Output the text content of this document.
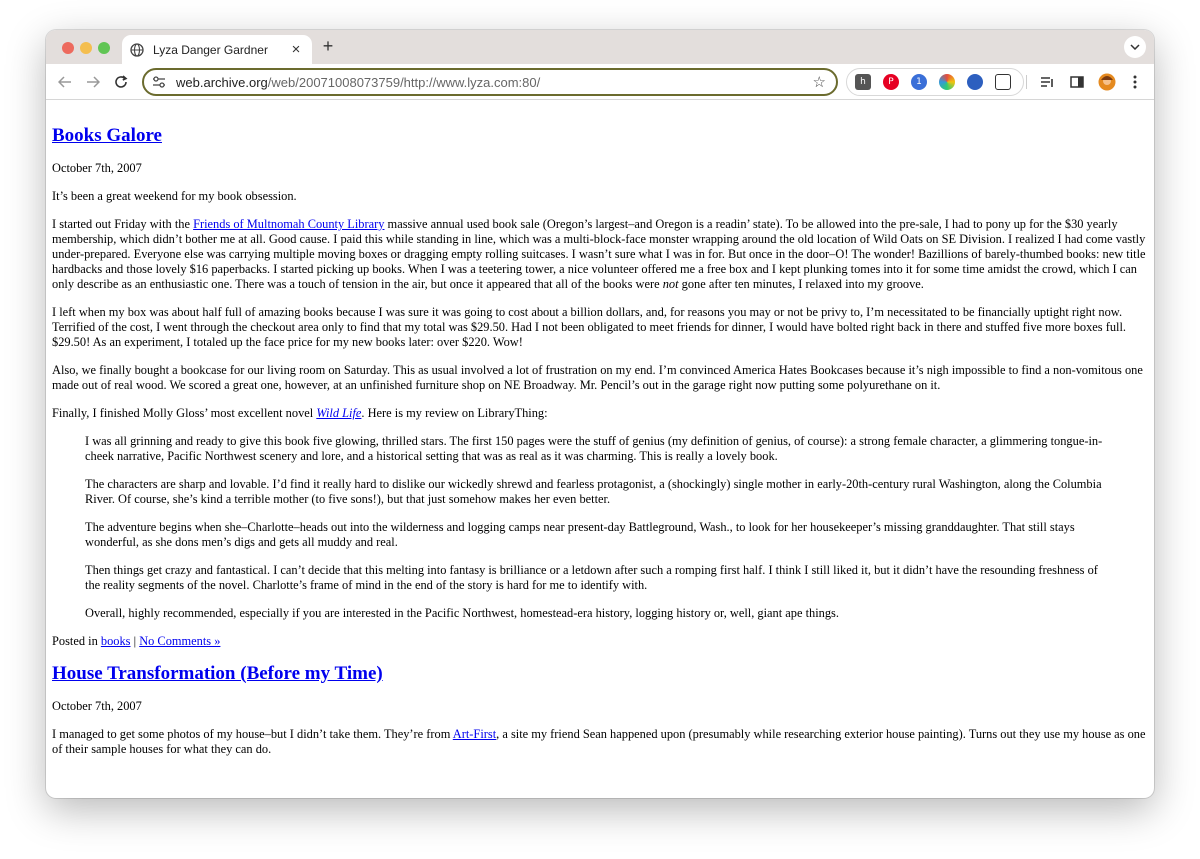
Lyza Danger Gardner	× +
web.archive.org/web/20071008073759/http://www.lyza.com:80/	☆	h	P	1
Books Galore
October 7th, 2007

It’s been a great weekend for my book obsession.

I started out Friday with the Friends of Multnomah County Library massive annual used book sale (Oregon’s largest–and Oregon is a readin’ state). To be allowed into the pre-sale, I had to pony up for the $30 yearly membership, which didn’t bother me at all. Good cause. I paid this while standing in line, which was a multi-block-face monster wrapping around the old location of Wild Oats on SE Division. I realized I had come vastly under-prepared. Everyone else was carrying multiple moving boxes or dragging empty rolling suitcases. I wasn’t sure what I was in for. But once in the door–O! The wonder! Bazillions of barely-thumbed books: new title hardbacks and those lovely $16 paperbacks. I started picking up books. When I was a teetering tower, a nice volunteer offered me a free box and I kept plunking tomes into it for some time amidst the crowd, which I can only describe as an enthusiastic one. There was a touch of tension in the air, but once it appeared that all of the books were not gone after ten minutes, I relaxed into my groove.

I left when my box was about half full of amazing books because I was sure it was going to cost about a billion dollars, and, for reasons you may or not be privy to, I’m necessitated to be financially uptight right now. Terrified of the cost, I went through the checkout area only to find that my total was $29.50. Had I not been obligated to meet friends for dinner, I would have bolted right back in there and stuffed five more boxes full. $29.50! As an experiment, I totaled up the face price for my new books later: over $220. Wow!

Also, we finally bought a bookcase for our living room on Saturday. This as usual involved a lot of frustration on my end. I’m convinced America Hates Bookcases because it’s nigh impossible to find a non-vomitous one made out of real wood. We scored a great one, however, at an unfinished furniture shop on NE Broadway. Mr. Pencil’s out in the garage right now putting some polyurethane on it.

Finally, I finished Molly Gloss’ most excellent novel Wild Life. Here is my review on LibraryThing:

I was all grinning and ready to give this book five glowing, thrilled stars. The first 150 pages were the stuff of genius (my definition of genius, of course): a strong female character, a glimmering tongue-in-cheek narrative, Pacific Northwest scenery and lore, and a historical setting that was as real as it was charming. This is really a lovely book.

The characters are sharp and lovable. I’d find it really hard to dislike our wickedly shrewd and fearless protagonist, a (shockingly) single mother in early-20th-century rural Washington, along the Columbia River. Of course, she’s kind a terrible mother (to five sons!), but that just somehow makes her even better.

The adventure begins when she–Charlotte–heads out into the wilderness and logging camps near present-day Battleground, Wash., to look for her housekeeper’s missing granddaughter. That still stays wonderful, as she dons men’s digs and gets all muddy and real.

Then things get crazy and fantastical. I can’t decide that this melting into fantasy is brilliance or a letdown after such a romping first half. I think I still liked it, but it didn’t have the resounding freshness of the reality segments of the novel. Charlotte’s frame of mind in the end of the story is hard for me to identify with.

Overall, highly recommended, especially if you are interested in the Pacific Northwest, homestead-era history, logging history or, well, giant ape things.

Posted in books | No Comments »
House Transformation (Before my Time)
October 7th, 2007

I managed to get some photos of my house–but I didn’t take them. They’re from Art-First, a site my friend Sean happened upon (presumably while researching exterior house painting). Turns out they use my house as one of their sample houses for what they can do.
